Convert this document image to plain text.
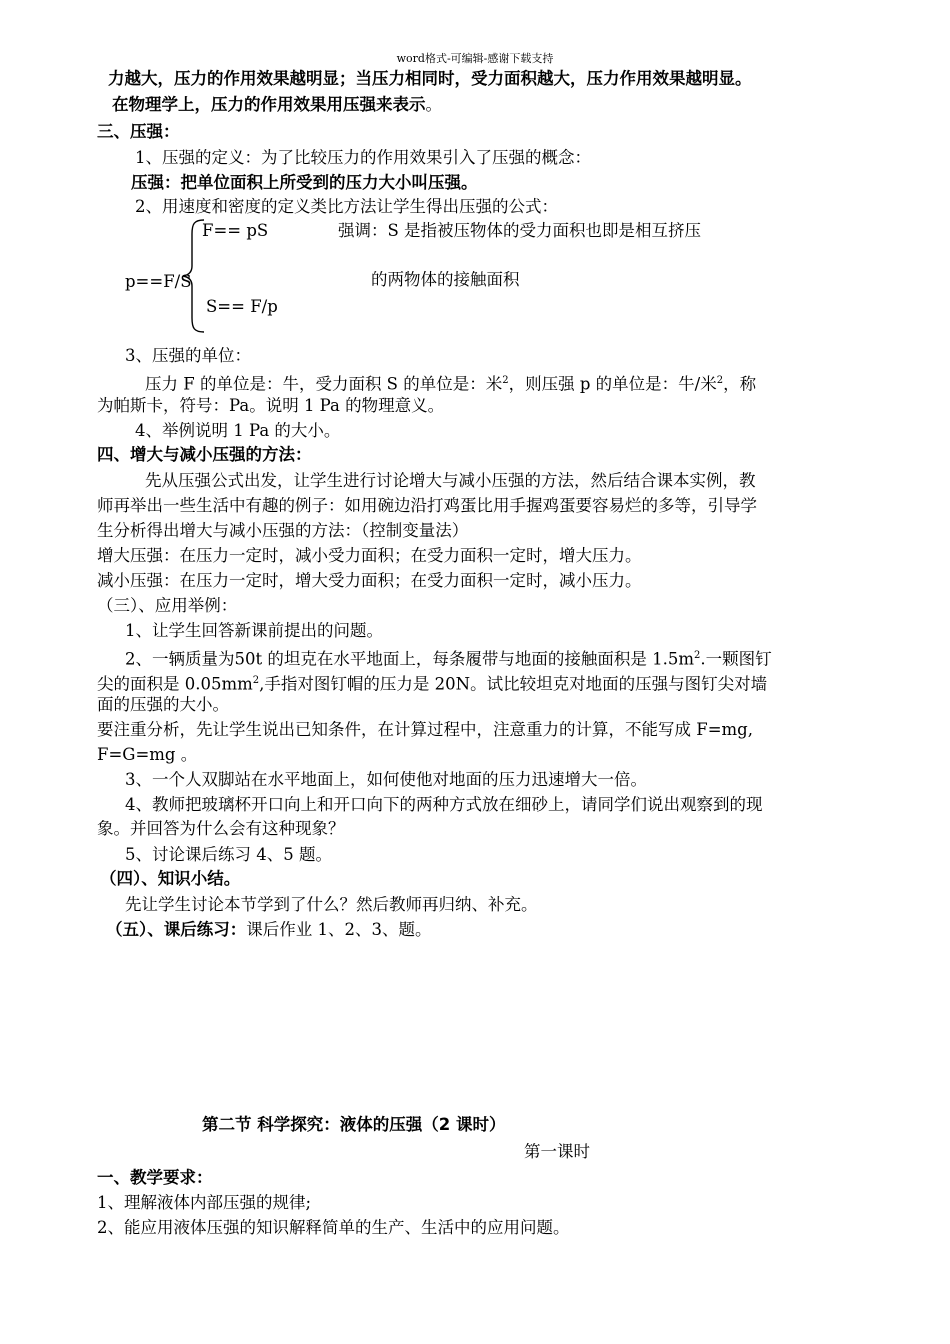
word格式-可编辑-感谢下载支持
力越大，压力的作用效果越明显；当压力相同时，受力面积越大，压力作用效果越明显。
在物理学上，压力的作用效果用压强来表示。
三、压强：
1、压强的定义：为了比较压力的作用效果引入了压强的概念：
压强：把单位面积上所受到的压力大小叫压强。
2、用速度和密度的定义类比方法让学生得出压强的公式：
F== pS	强调：S 是指被压物体的受力面积也即是相互挤压
p==F/S	的两物体的接触面积
S== F/p
3、压强的单位：
压力 F 的单位是：牛，受力面积 S 的单位是：米$^2$，则压强 p 的单位是：牛/米$^2$，称
为帕斯卡，符号：Pa。说明 1 Pa 的物理意义。
4、举例说明 1 Pa 的大小。
四、增大与减小压强的方法：
先从压强公式出发，让学生进行讨论增大与减小压强的方法，然后结合课本实例，教
师再举出一些生活中有趣的例子：如用碗边沿打鸡蛋比用手握鸡蛋要容易烂的多等，引导学
生分析得出增大与减小压强的方法：（控制变量法）
增大压强：在压力一定时，减小受力面积；在受力面积一定时，增大压力。
减小压强：在压力一定时，增大受力面积；在受力面积一定时，减小压力。
（三）、应用举例：
1、让学生回答新课前提出的问题。
2、一辆质量为50t 的坦克在水平地面上，每条履带与地面的接触面积是 $1.5m^2$.一颗图钉
尖的面积是 $0.05mm^2$,手指对图钉帽的压力是 20N。试比较坦克对地面的压强与图钉尖对墙
面的压强的大小。
要注重分析，先让学生说出已知条件，在计算过程中，注意重力的计算，不能写成 F=mg,
F=G=mg 。
3、一个人双脚站在水平地面上，如何使他对地面的压力迅速增大一倍。
4、教师把玻璃杯开口向上和开口向下的两种方式放在细砂上，请同学们说出观察到的现
象。并回答为什么会有这种现象？
5、讨论课后练习 4、5 题。
（四）、知识小结。
先让学生讨论本节学到了什么？然后教师再归纳、补充。
（五）、课后练习：课后作业 1、2、3、题。
第二节 科学探究：液体的压强（2 课时）
第一课时
一、教学要求：
1、理解液体内部压强的规律;
2、能应用液体压强的知识解释简单的生产、生活中的应用问题。
